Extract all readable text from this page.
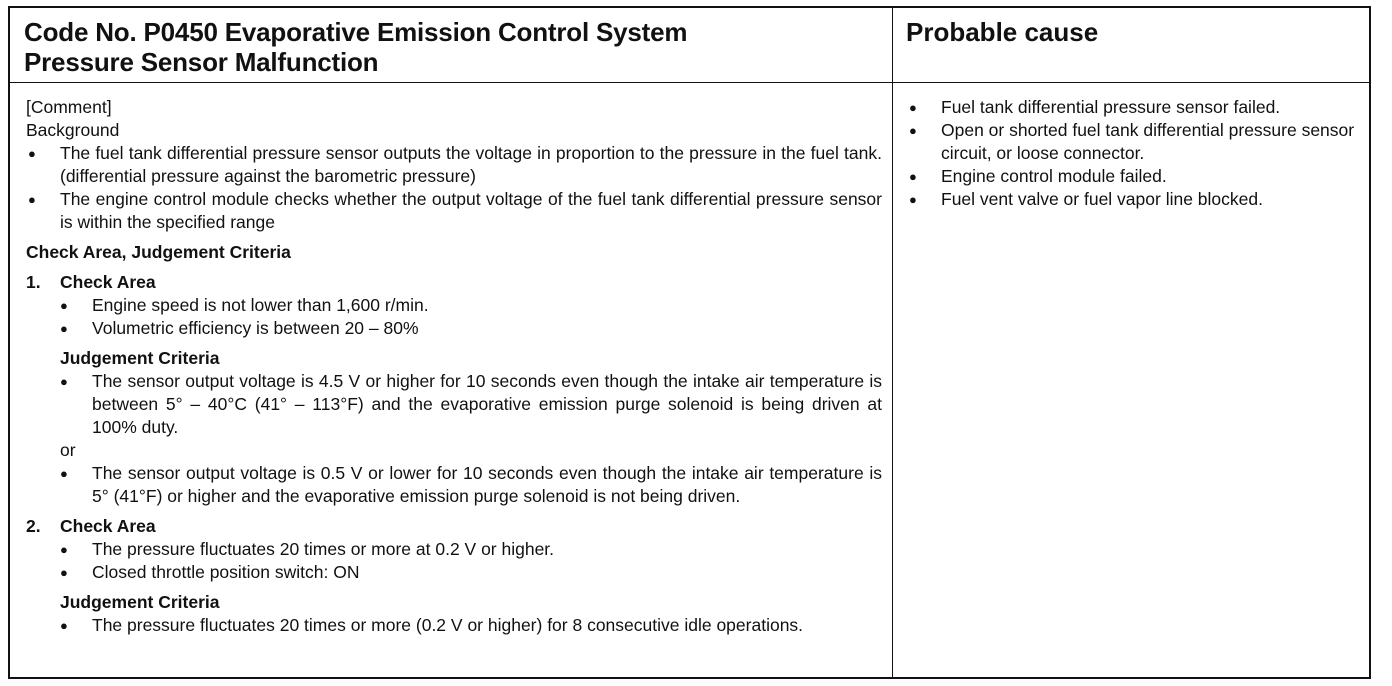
Code No. P0450 Evaporative Emission Control System
Pressure Sensor Malfunction
Probable cause
[Comment]
Background
● The fuel tank differential pressure sensor outputs the voltage in proportion to the pressure in the fuel tank. (differential pressure against the barometric pressure)
● The engine control module checks whether the output voltage of the fuel tank differential pressure sensor is within the specified range
Check Area, Judgement Criteria
1. Check Area
● Engine speed is not lower than 1,600 r/min.
● Volumetric efficiency is between 20 – 80%
Judgement Criteria
● The sensor output voltage is 4.5 V or higher for 10 seconds even though the intake air temperature is between 5° – 40°C (41° – 113°F) and the evaporative emission purge solenoid is being driven at 100% duty.
or
● The sensor output voltage is 0.5 V or lower for 10 seconds even though the intake air temperature is 5° (41°F) or higher and the evaporative emission purge solenoid is not being driven.
2. Check Area
● The pressure fluctuates 20 times or more at 0.2 V or higher.
● Closed throttle position switch: ON
Judgement Criteria
● The pressure fluctuates 20 times or more (0.2 V or higher) for 8 consecutive idle operations.
● Fuel tank differential pressure sensor failed.
● Open or shorted fuel tank differential pressure sensor circuit, or loose connector.
● Engine control module failed.
● Fuel vent valve or fuel vapor line blocked.
